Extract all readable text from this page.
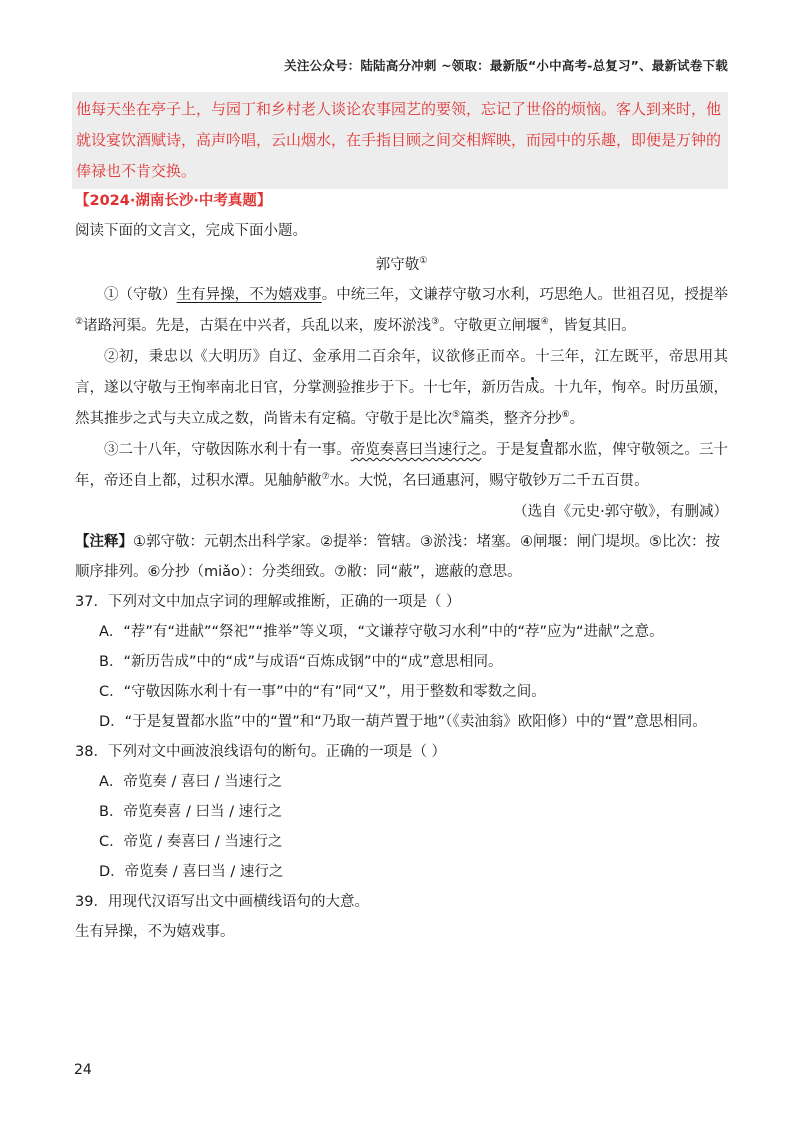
关注公众号：陆陆高分冲刺 ~领取：最新版“小中高考-总复习”、最新试卷下载
他每天坐在亭子上，与园丁和乡村老人谈论农事园艺的要领，忘记了世俗的烦恼。客人到来时，他就设宴饮酒赋诗，高声吟唱，云山烟水，在手指目顾之间交相辉映，而园中的乐趣，即便是万钟的俸禄也不肯交换。

【2024·湖南长沙·中考真题】

阅读下面的文言文，完成下面小题。

郭守敬①

①（守敬）生有异操，不为嬉戏事。中统三年，文谦荐守敬习水利，巧思绝人。世祖召见，授提举②诸路河渠。先是，古渠在中兴者，兵乱以来，废坏淤浅③。守敬更立闸堰④，皆复其旧。

②初，秉忠以《大明历》自辽、金承用二百余年，议欲修正而卒。十三年，江左既平，帝思用其言，遂以守敬与王恂率南北日官，分掌测验推步于下。十七年，新历告成。十九年，恂卒。时历虽颁，然其推步之式与夫立成之数，尚皆未有定稿。守敬于是比次⑤篇类，整齐分抄⑥。

③二十八年，守敬因陈水利十有一事。帝览奏喜曰当速行之。于是复置都水监，俾守敬领之。三十年，帝还自上都，过积水潭。见舳舻敝⑦水。大悦，名曰通惠河，赐守敬钞万二千五百贯。

（选自《元史·郭守敬》，有删减）

【注释】①郭守敬：元朝杰出科学家。②提举：管辖。③淤浅：堵塞。④闸堰：闸门堤坝。⑤比次：按顺序排列。⑥分抄（miǎo）：分类细致。⑦敝：同“蔽”，遮蔽的意思。

37．下列对文中加点字词的理解或推断，正确的一项是（ ）

A．“荐”有“进献”“祭祀”“推举”等义项，“文谦荐守敬习水利”中的“荐”应为“进献”之意。

B．“新历告成”中的“成”与成语“百炼成钢”中的“成”意思相同。

C．“守敬因陈水利十有一事”中的“有”同“又”，用于整数和零数之间。

D．“于是复置都水监”中的“置”和“乃取一葫芦置于地”（《卖油翁》欧阳修）中的“置”意思相同。

38．下列对文中画波浪线语句的断句。正确的一项是（ ）

A．帝览奏 / 喜曰 / 当速行之

B．帝览奏喜 / 曰当 / 速行之

C．帝览 / 奏喜曰 / 当速行之

D．帝览奏 / 喜曰当 / 速行之

39．用现代汉语写出文中画横线语句的大意。

生有异操，不为嬉戏事。

24
